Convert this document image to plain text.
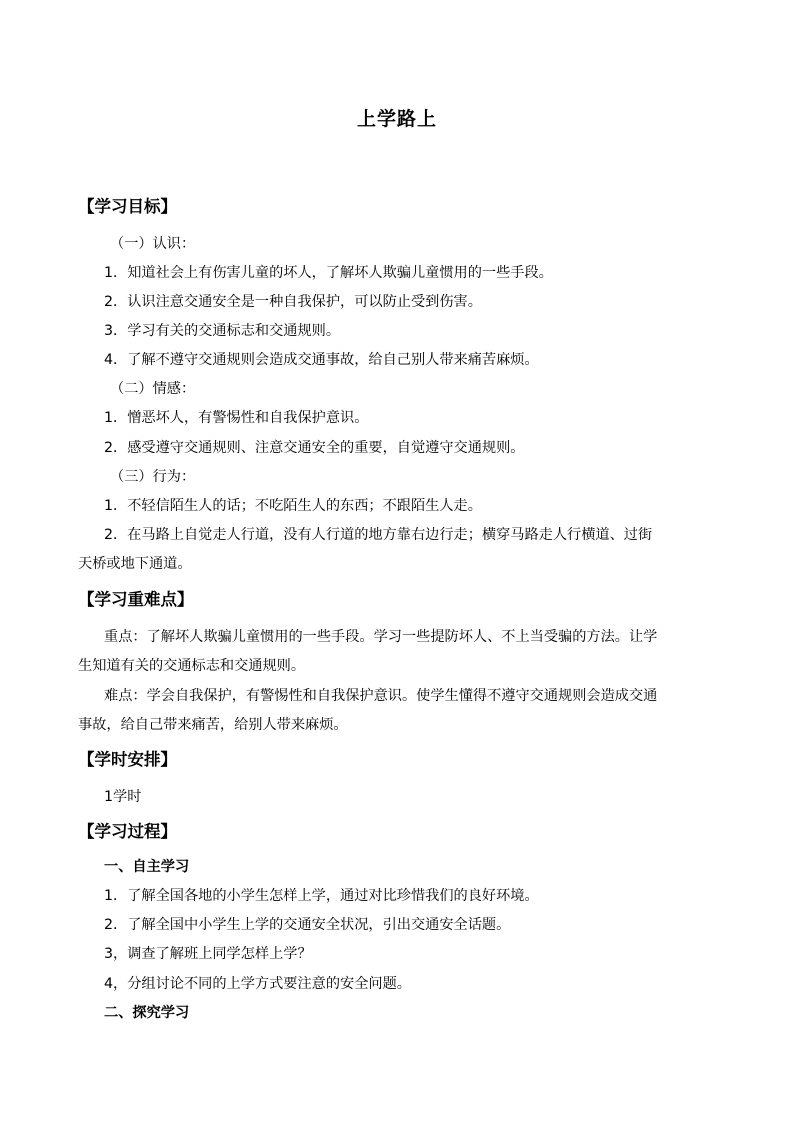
上学路上
【学习目标】
（一）认识：
1．知道社会上有伤害儿童的坏人，了解坏人欺骗儿童惯用的一些手段。
2．认识注意交通安全是一种自我保护，可以防止受到伤害。
3．学习有关的交通标志和交通规则。
4．了解不遵守交通规则会造成交通事故，给自己别人带来痛苦麻烦。
（二）情感：
1．憎恶坏人，有警惕性和自我保护意识。
2．感受遵守交通规则、注意交通安全的重要，自觉遵守交通规则。
（三）行为：
1．不轻信陌生人的话；不吃陌生人的东西；不跟陌生人走。
2．在马路上自觉走人行道，没有人行道的地方靠右边行走；横穿马路走人行横道、过街
天桥或地下通道。
【学习重难点】
重点：了解坏人欺骗儿童惯用的一些手段。学习一些提防坏人、不上当受骗的方法。让学
生知道有关的交通标志和交通规则。
难点：学会自我保护，有警惕性和自我保护意识。使学生懂得不遵守交通规则会造成交通
事故，给自己带来痛苦，给别人带来麻烦。
【学时安排】
1学时
【学习过程】
一、自主学习
1．了解全国各地的小学生怎样上学，通过对比珍惜我们的良好环境。
2．了解全国中小学生上学的交通安全状况，引出交通安全话题。
3，调查了解班上同学怎样上学？
4，分组讨论不同的上学方式要注意的安全问题。
二、探究学习
